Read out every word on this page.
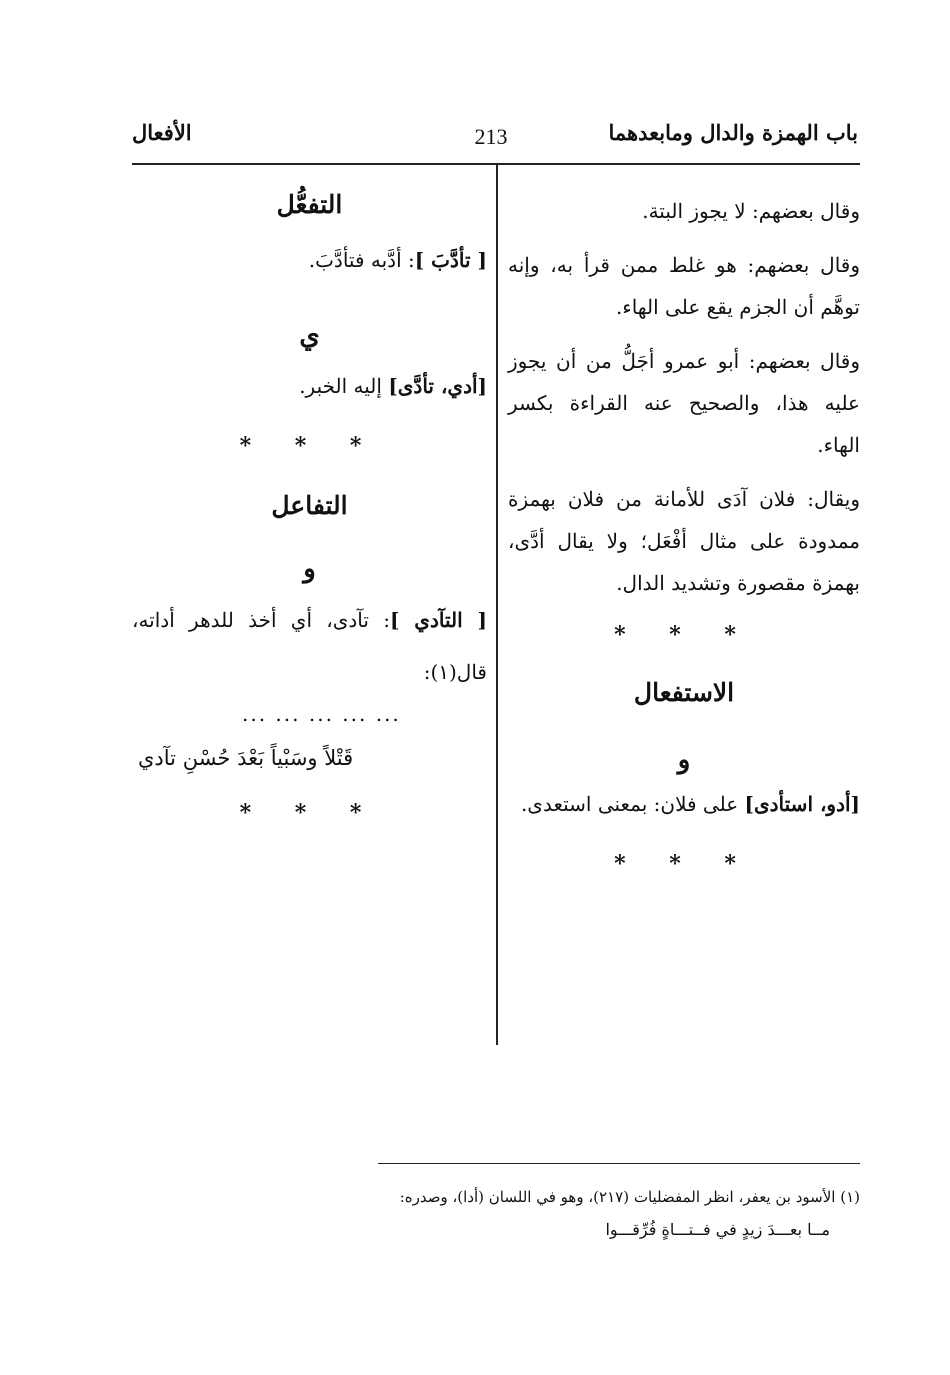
باب الهمزة والدال ومابعدهما
213
الأفعال

وقال بعضهم: لا يجوز البتة.

وقال بعضهم: هو غلط ممن قرأ به، وإنه توهَّم أن الجزم يقع على الهاء.

وقال بعضهم: أبو عمرو أجَلُّ من أن يجوز عليه هذا، والصحيح عنه القراءة بكسر الهاء.

ويقال: فلان آدَى للأمانة من فلان بهمزة ممدودة على مثال أفْعَل؛ ولا يقال أدَّى، بهمزة مقصورة وتشديد الدال.

* * *
الاستفعال
و

[أدو، استأدى] على فلان: بمعنى استعدى.

* * *
التفعُّل

[ تأدَّبَ ]: أدَّبه فتأدَّبَ.

ي

[أدي، تأدَّى] إليه الخبر.

* * *
التفاعل
و

[ التآدي ]: تآدى، أي أخذ للدهر أداته، قال(١):

... ... ... ... ...
قَتْلاً وسَبْياً بَعْدَ حُسْنِ تآدي
* * *
(١) الأسود بن يعفر، انظر المفضليات (٢١٧)، وهو في اللسان (أدا)، وصدره:
مــا بعـــدَ زيدٍ في فــتـــاةٍ فُرِّقـــوا
